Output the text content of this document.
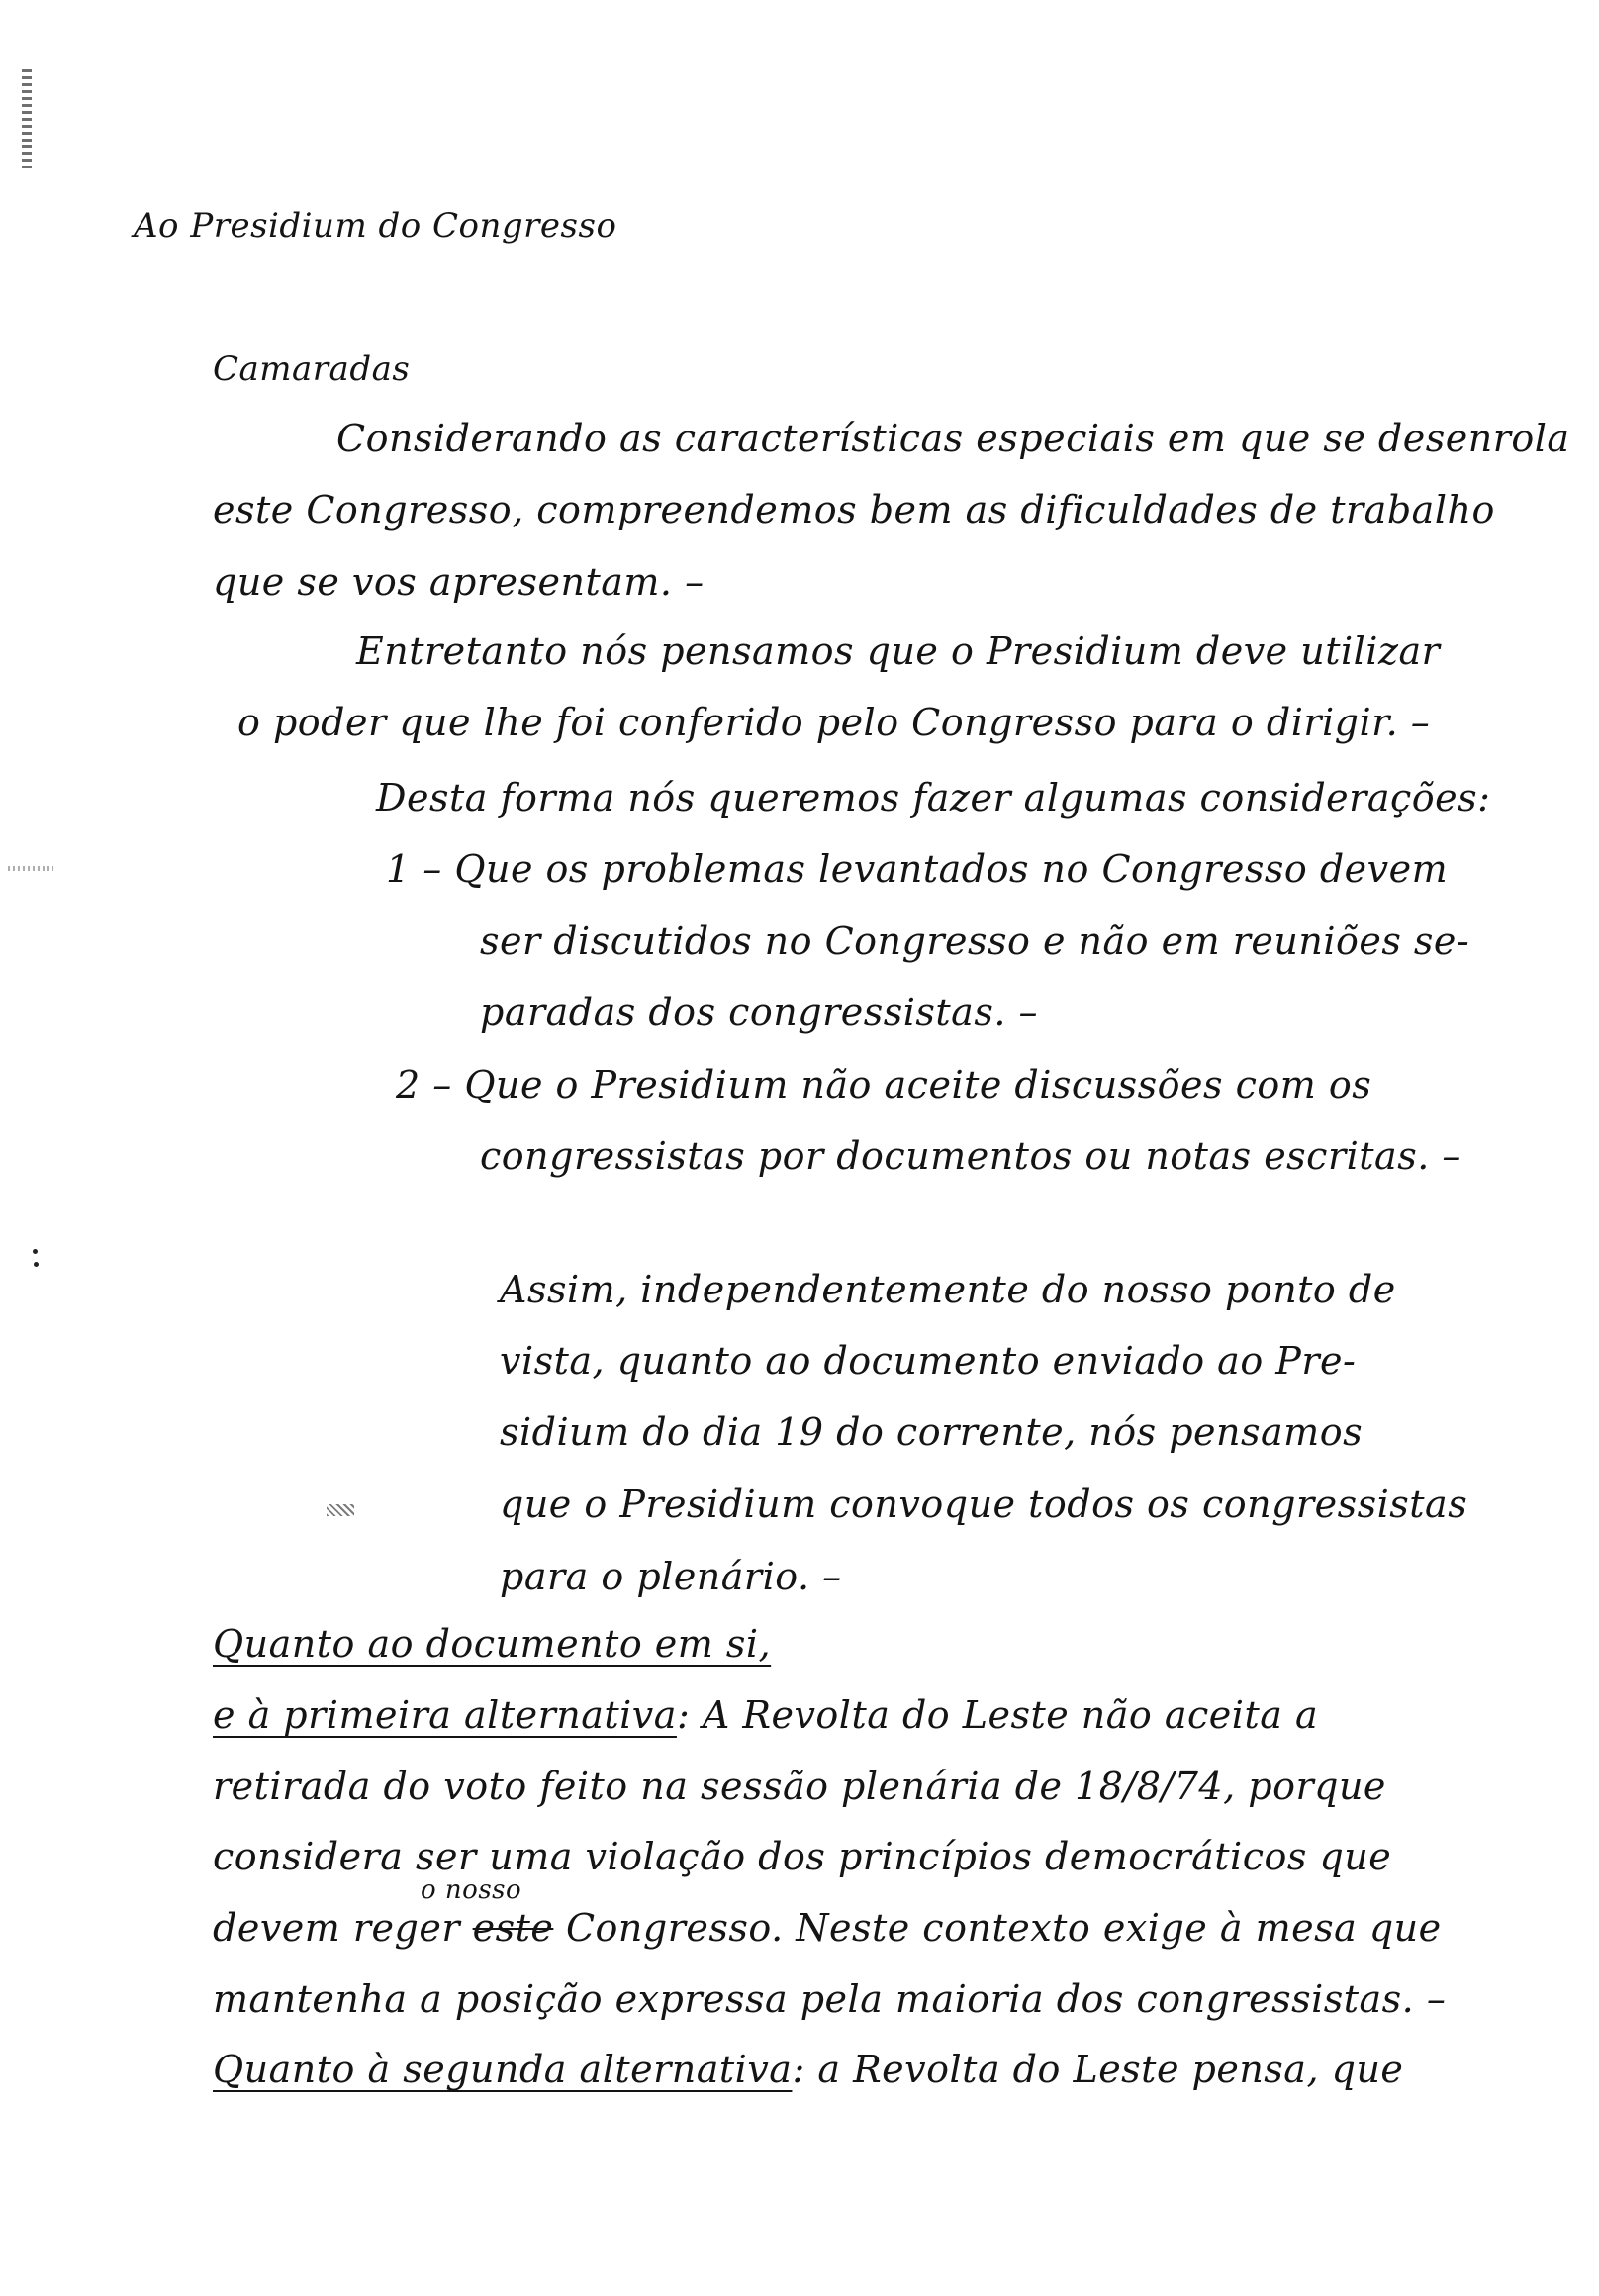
Ao Presidium do Congresso
Camaradas
Considerando as características especiais em que se desenrola
este Congresso, compreendemos bem as dificuldades de trabalho
que se vos apresentam. –
Entretanto nós pensamos que o Presidium deve utilizar
o poder que lhe foi conferido pelo Congresso para o dirigir. –
Desta forma nós queremos fazer algumas considerações:
1 – Que os problemas levantados no Congresso devem
ser discutidos no Congresso e não em reuniões se-
paradas dos congressistas. –
2 – Que o Presidium não aceite discussões com os
congressistas por documentos ou notas escritas. –
Assim, independentemente do nosso ponto de
vista, quanto ao documento enviado ao Pre-
sidium do dia 19 do corrente, nós pensamos
que o Presidium convoque todos os congressistas
para o plenário. –
Quanto ao documento em si,
e à primeira alternativa: A Revolta do Leste não aceita a
retirada do voto feito na sessão plenária de 18/8/74, porque
considera ser uma violação dos princípios democráticos que
o nosso
devem reger este Congresso. Neste contexto exige à mesa que
mantenha a posição expressa pela maioria dos congressistas. –
Quanto à segunda alternativa: a Revolta do Leste pensa, que
